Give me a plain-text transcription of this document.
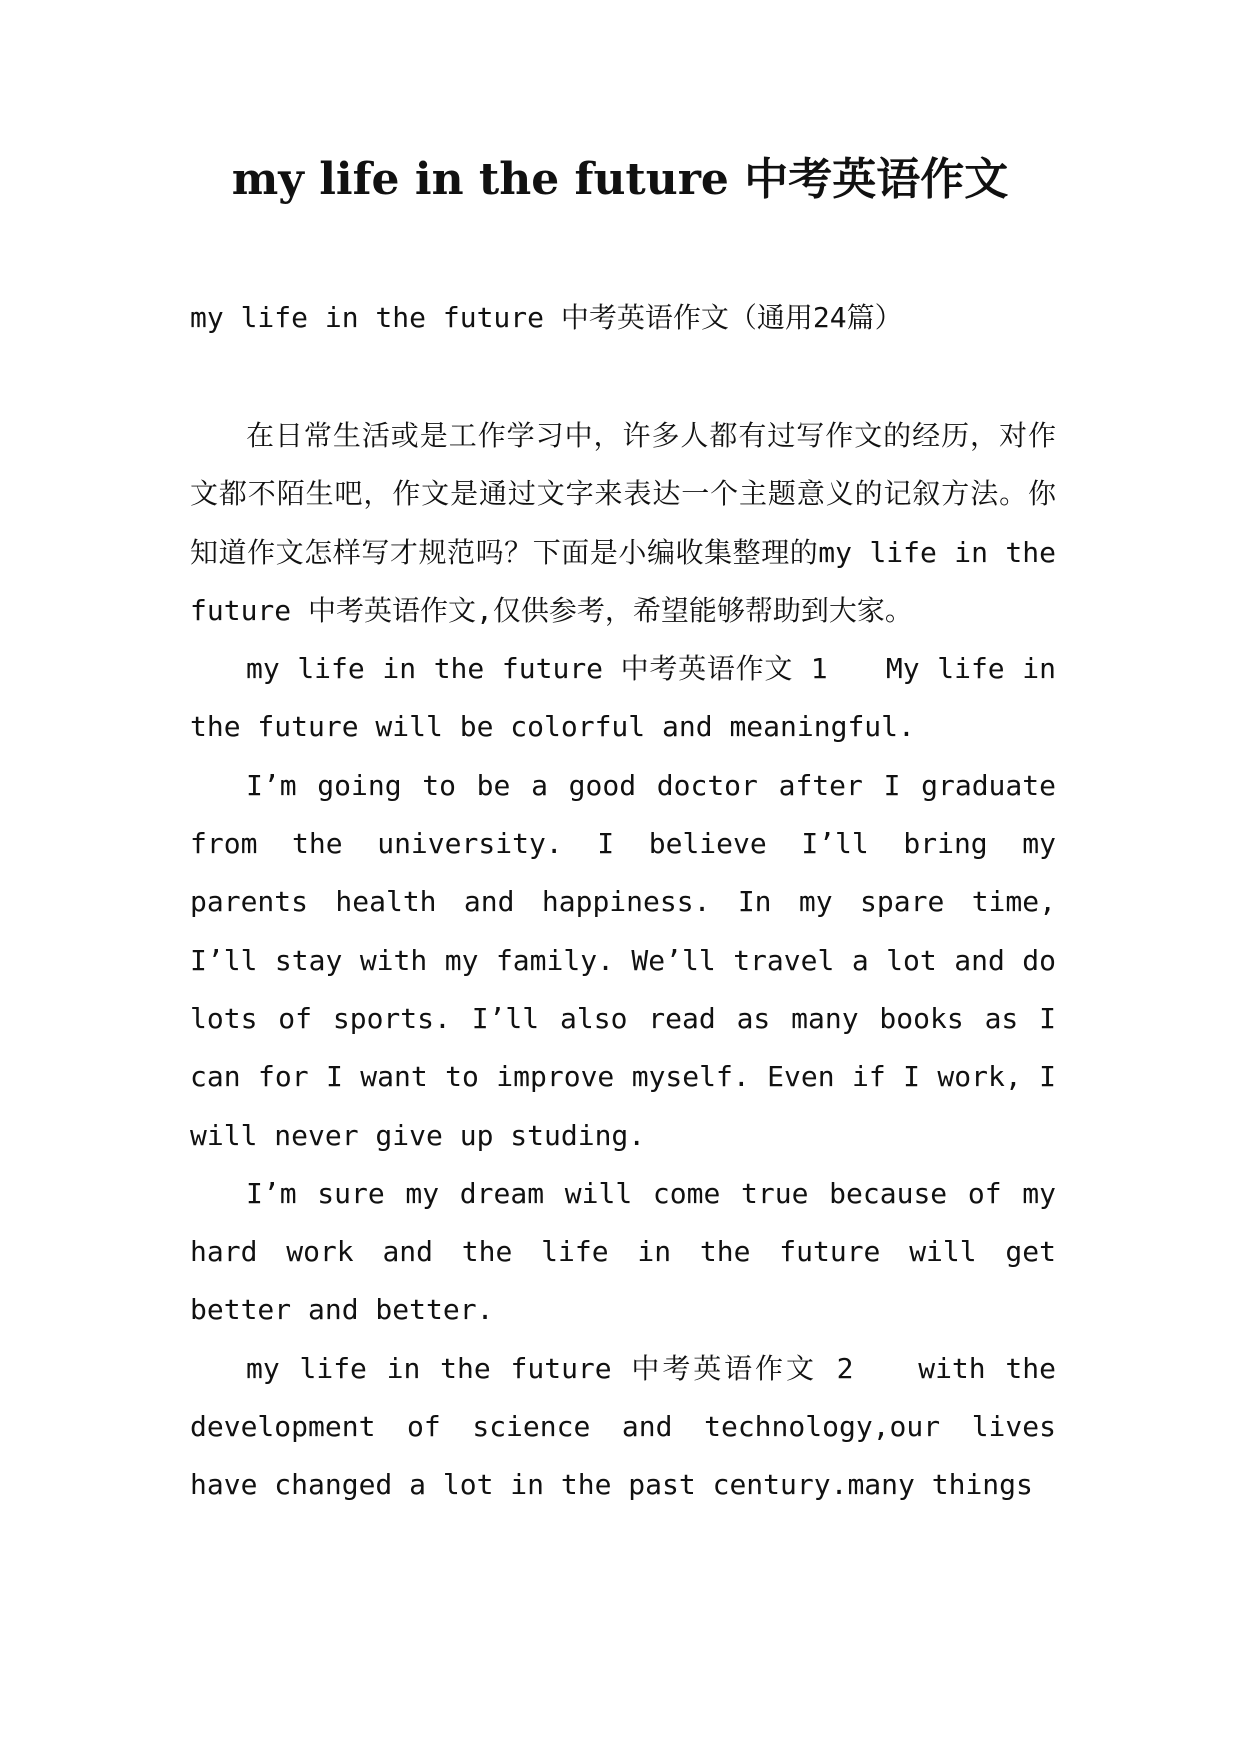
my life in the future 中考英语作文

my life in the future 中考英语作文（通用24篇）

在日常生活或是工作学习中，许多人都有过写作文的经历，对作文都不陌生吧，作文是通过文字来表达一个主题意义的记叙方法。你知道作文怎样写才规范吗？下面是小编收集整理的my life in the future 中考英语作文,仅供参考，希望能够帮助到大家。

my life in the future 中考英语作文 1　　My life in the future will be colorful and meaningful.

I’m going to be a good doctor after I graduate from the university. I believe I’ll bring my parents health and happiness. In my spare time, I’ll stay with my family. We’ll travel a lot and do lots of sports. I’ll also read as many books as I can for I want to improve myself. Even if I work, I will never give up studing.

I’m sure my dream will come true because of my hard work and the life in the future will get better and better.

my life in the future 中考英语作文 2　　with the development of science and technology,our lives have changed a lot in the past century.many things
